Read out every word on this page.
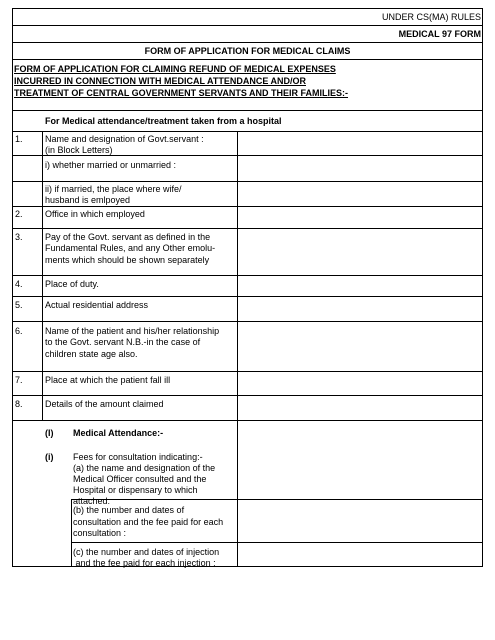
UNDER CS(MA) RULES
MEDICAL 97 FORM
FORM OF APPLICATION FOR MEDICAL CLAIMS
FORM OF APPLICATION FOR CLAIMING REFUND OF MEDICAL EXPENSES
INCURRED IN CONNECTION WITH MEDICAL ATTENDANCE AND/OR
TREATMENT OF CENTRAL GOVERNMENT SERVANTS AND THEIR FAMILIES:-
For Medical attendance/treatment taken from a hospital
1. Name and designation of Govt.servant :
(in Block Letters)
i) whether married or unmarried :
ii) if married, the place where wife/
husband is emlpoyed
2. Office in which employed
3. Pay of the Govt. servant as defined in the
Fundamental Rules, and any Other emolu-
ments which should be shown separately
4. Place of duty.
5. Actual residential address
6. Name of the patient and his/her relationship
to the Govt. servant N.B.-in the case of
children state age also.
7. Place at which the patient fall ill
8. Details of the amount claimed
(I) Medical Attendance:-
(i) Fees for consultation indicating:-
(a) the name and designation of the
Medical Officer consulted and the
Hospital or dispensary to which
attached:
(b) the number and dates of
consultation and the fee paid for each
consultation :
(c) the number and dates of injection
and the fee paid for each injection :
